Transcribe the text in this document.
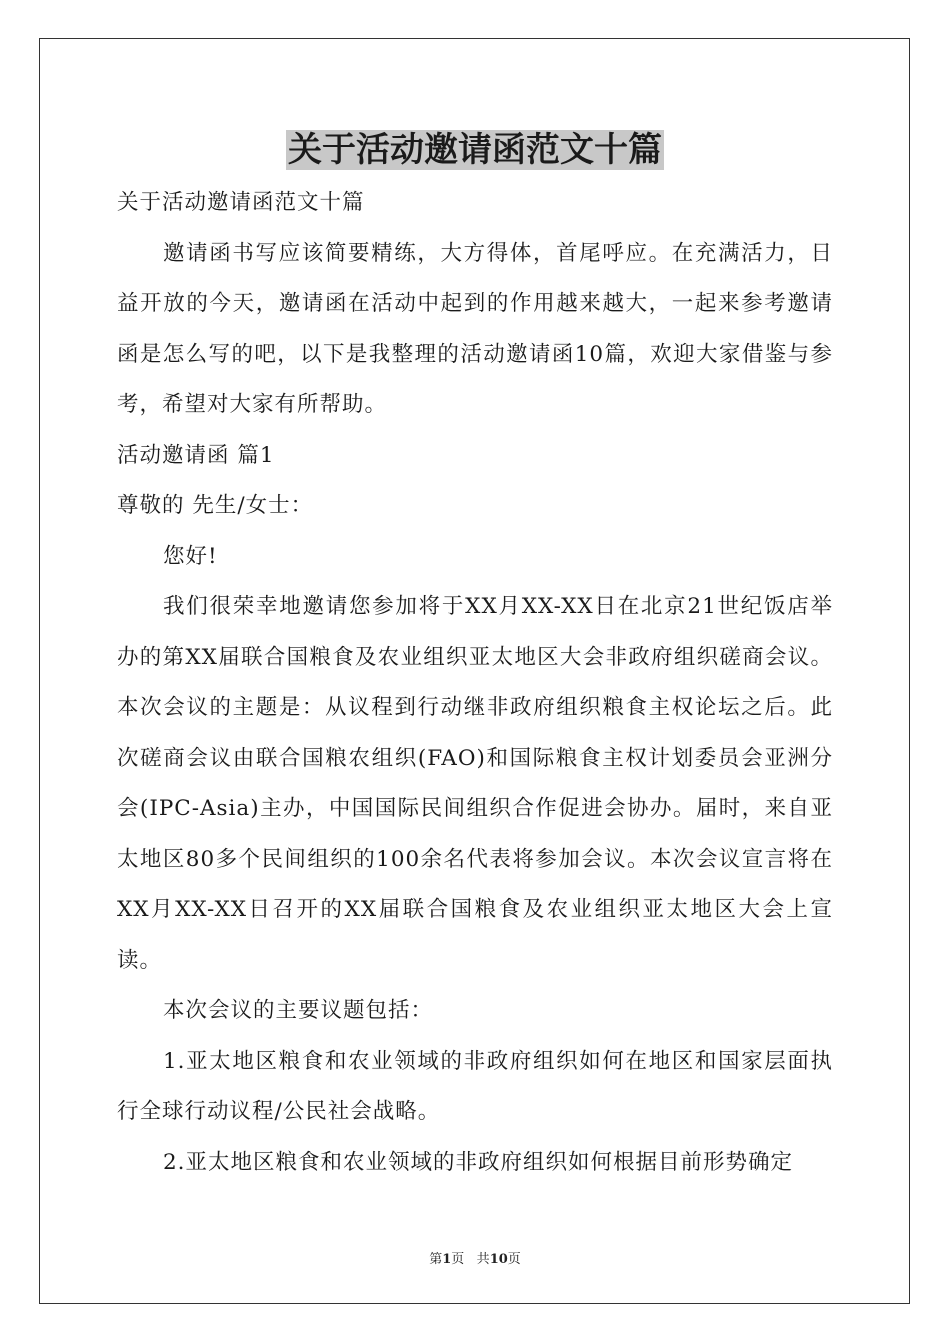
关于活动邀请函范文十篇

关于活动邀请函范文十篇

邀请函书写应该简要精练，大方得体，首尾呼应。在充满活力，日益开放的今天，邀请函在活动中起到的作用越来越大，一起来参考邀请函是怎么写的吧，以下是我整理的活动邀请函10篇，欢迎大家借鉴与参考，希望对大家有所帮助。

活动邀请函 篇1

尊敬的 先生/女士：

您好!

我们很荣幸地邀请您参加将于XX月XX-XX日在北京21世纪饭店举办的第XX届联合国粮食及农业组织亚太地区大会非政府组织磋商会议。本次会议的主题是：从议程到行动继非政府组织粮食主权论坛之后。此次磋商会议由联合国粮农组织(FAO)和国际粮食主权计划委员会亚洲分会(IPC-Asia)主办，中国国际民间组织合作促进会协办。届时，来自亚太地区80多个民间组织的100余名代表将参加会议。本次会议宣言将在XX月XX-XX日召开的XX届联合国粮食及农业组织亚太地区大会上宣读。

本次会议的主要议题包括：

1.亚太地区粮食和农业领域的非政府组织如何在地区和国家层面执行全球行动议程/公民社会战略。

2.亚太地区粮食和农业领域的非政府组织如何根据目前形势确定

第1页 共10页
